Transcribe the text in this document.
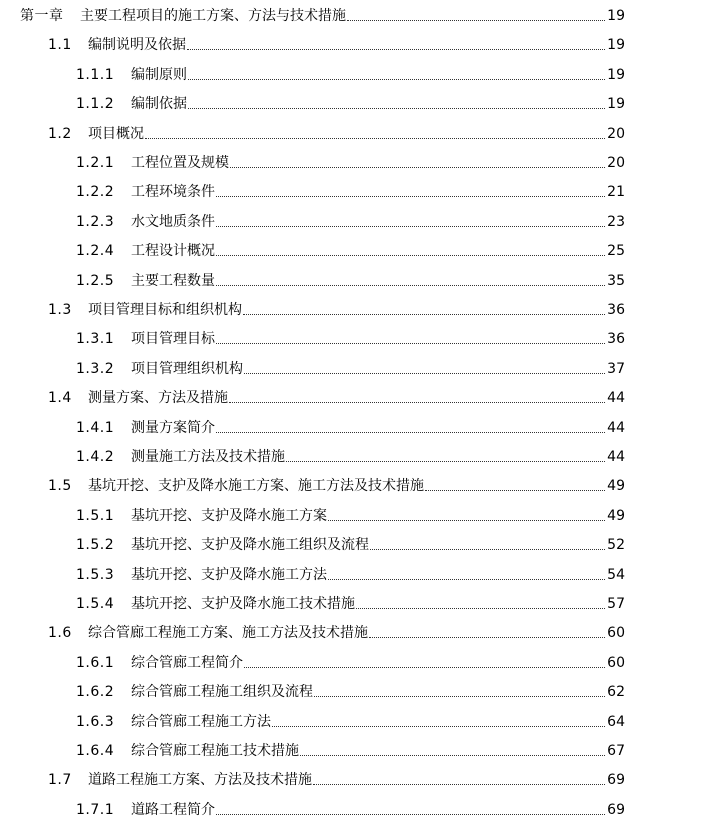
第一章	主要工程项目的施工方案、方法与技术措施	19
1.1	编制说明及依据	19
1.1.1	编制原则	19
1.1.2	编制依据	19
1.2	项目概况	20
1.2.1	工程位置及规模	20
1.2.2	工程环境条件	21
1.2.3	水文地质条件	23
1.2.4	工程设计概况	25
1.2.5	主要工程数量	35
1.3	项目管理目标和组织机构	36
1.3.1	项目管理目标	36
1.3.2	项目管理组织机构	37
1.4	测量方案、方法及措施	44
1.4.1	测量方案简介	44
1.4.2	测量施工方法及技术措施	44
1.5	基坑开挖、支护及降水施工方案、施工方法及技术措施	49
1.5.1	基坑开挖、支护及降水施工方案	49
1.5.2	基坑开挖、支护及降水施工组织及流程	52
1.5.3	基坑开挖、支护及降水施工方法	54
1.5.4	基坑开挖、支护及降水施工技术措施	57
1.6	综合管廊工程施工方案、施工方法及技术措施	60
1.6.1	综合管廊工程简介	60
1.6.2	综合管廊工程施工组织及流程	62
1.6.3	综合管廊工程施工方法	64
1.6.4	综合管廊工程施工技术措施	67
1.7	道路工程施工方案、方法及技术措施	69
1.7.1	道路工程简介	69
